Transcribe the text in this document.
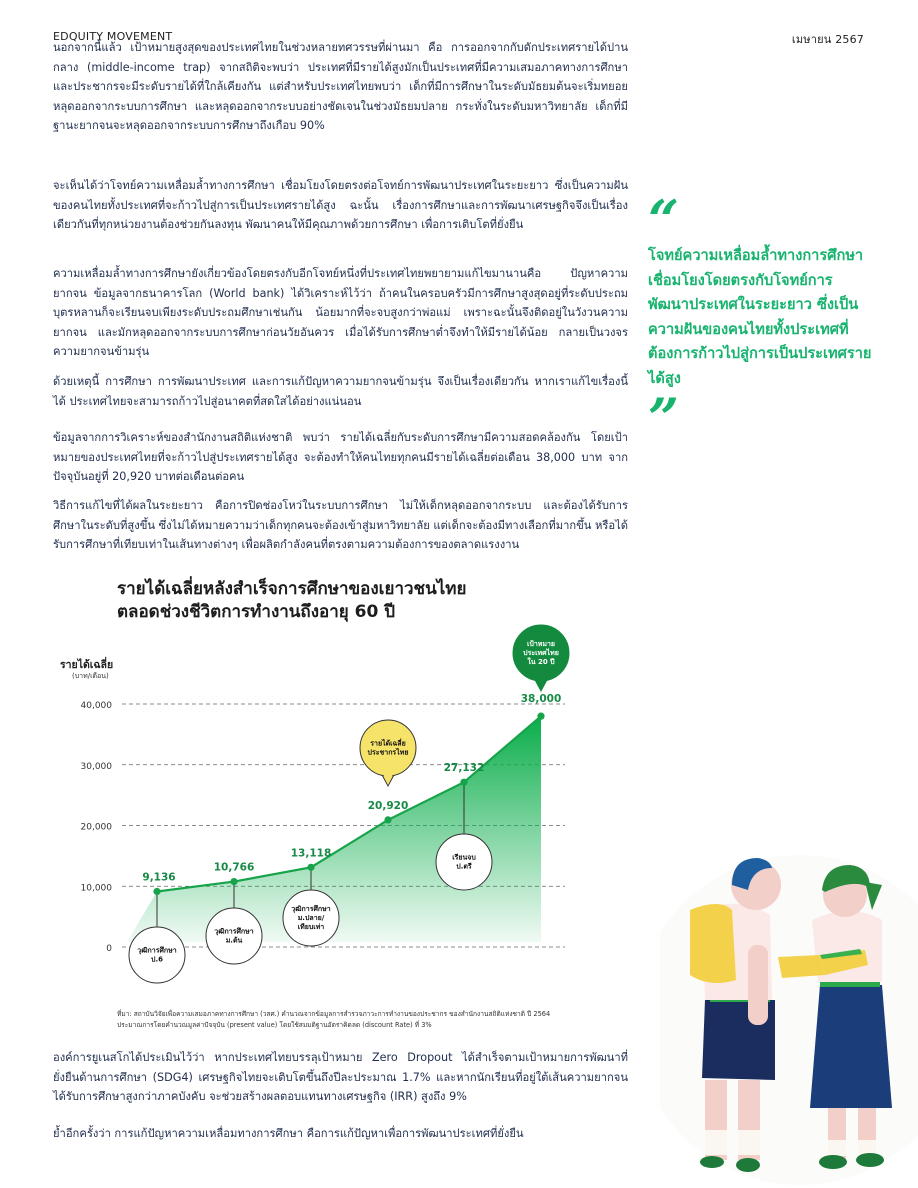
EDQUITY MOVEMENT	เมษายน 2567

นอกจากนี้แล้ว เป้าหมายสูงสุดของประเทศไทยในช่วงหลายทศวรรษที่ผ่านมา คือ การออกจากกับดักประเทศรายได้ปานกลาง (middle-income trap) จากสถิติจะพบว่า ประเทศที่มีรายได้สูงมักเป็นประเทศที่มีความเสมอภาคทางการศึกษา และประชากรจะมีระดับรายได้ที่ใกล้เคียงกัน แต่สำหรับประเทศไทยพบว่า เด็กที่มีการศึกษาในระดับมัธยมต้นจะเริ่มทยอยหลุดออกจากระบบการศึกษา และหลุดออกจากระบบอย่างชัดเจนในช่วงมัธยมปลาย กระทั่งในระดับมหาวิทยาลัย เด็กที่มีฐานะยากจนจะหลุดออกจากระบบการศึกษาถึงเกือบ 90%

จะเห็นได้ว่าโจทย์ความเหลื่อมล้ำทางการศึกษา เชื่อมโยงโดยตรงต่อโจทย์การพัฒนาประเทศในระยะยาว ซึ่งเป็นความฝันของคนไทยทั้งประเทศที่จะก้าวไปสู่การเป็นประเทศรายได้สูง ฉะนั้น เรื่องการศึกษาและการพัฒนาเศรษฐกิจจึงเป็นเรื่องเดียวกันที่ทุกหน่วยงานต้องช่วยกันลงทุน พัฒนาคนให้มีคุณภาพด้วยการศึกษา เพื่อการเติบโตที่ยั่งยืน

ความเหลื่อมล้ำทางการศึกษายังเกี่ยวข้องโดยตรงกับอีกโจทย์หนึ่งที่ประเทศไทยพยายามแก้ไขมานานคือ ปัญหาความยากจน ข้อมูลจากธนาคารโลก (World bank) ได้วิเคราะห์ไว้ว่า ถ้าคนในครอบครัวมีการศึกษาสูงสุดอยู่ที่ระดับประถม บุตรหลานก็จะเรียนจบเพียงระดับประถมศึกษาเช่นกัน น้อยมากที่จะจบสูงกว่าพ่อแม่ เพราะฉะนั้นจึงติดอยู่ในวังวนความยากจน และมักหลุดออกจากระบบการศึกษาก่อนวัยอันควร เมื่อได้รับการศึกษาต่ำจึงทำให้มีรายได้น้อย กลายเป็นวงจรความยากจนข้ามรุ่น

ด้วยเหตุนี้ การศึกษา การพัฒนาประเทศ และการแก้ปัญหาความยากจนข้ามรุ่น จึงเป็นเรื่องเดียวกัน หากเราแก้ไขเรื่องนี้ได้ ประเทศไทยจะสามารถก้าวไปสู่อนาคตที่สดใสได้อย่างแน่นอน

ข้อมูลจากการวิเคราะห์ของสำนักงานสถิติแห่งชาติ พบว่า รายได้เฉลี่ยกับระดับการศึกษามีความสอดคล้องกัน โดยเป้าหมายของประเทศไทยที่จะก้าวไปสู่ประเทศรายได้สูง จะต้องทำให้คนไทยทุกคนมีรายได้เฉลี่ยต่อเดือน 38,000 บาท จากปัจจุบันอยู่ที่ 20,920 บาทต่อเดือนต่อคน

วิธีการแก้ไขที่ได้ผลในระยะยาว คือการปิดช่องโหว่ในระบบการศึกษา ไม่ให้เด็กหลุดออกจากระบบ และต้องได้รับการศึกษาในระดับที่สูงขึ้น ซึ่งไม่ได้หมายความว่าเด็กทุกคนจะต้องเข้าสู่มหาวิทยาลัย แต่เด็กจะต้องมีทางเลือกที่มากขึ้น หรือได้รับการศึกษาที่เทียบเท่าในเส้นทางต่างๆ เพื่อผลิตกำลังคนที่ตรงตามความต้องการของตลาดแรงงาน

“
โจทย์ความเหลื่อมล้ำทางการศึกษา เชื่อมโยงโดยตรงกับโจทย์การพัฒนาประเทศในระยะยาว ซึ่งเป็นความฝันของคนไทยทั้งประเทศที่ต้องการก้าวไปสู่การเป็นประเทศรายได้สูง
”
รายได้เฉลี่ยหลังสำเร็จการศึกษาของเยาวชนไทย
ตลอดช่วงชีวิตการทำงานถึงอายุ 60 ปี
รายได้เฉลี่ย
(บาท/เดือน)
0
10,000
20,000
30,000
40,000
วุฒิการศึกษา
ป.6
9,136
วุฒิการศึกษา
ม.ต้น
10,766
วุฒิการศึกษา
ม.ปลาย/
เทียบเท่า
13,118
รายได้เฉลี่ย
ประชากรไทย
20,920
เรียนจบ
ป.ตรี
27,132
เป้าหมาย
ประเทศไทย
ใน 20 ปี
38,000
ที่มา: สถาบันวิจัยเพื่อความเสมอภาคทางการศึกษา (วสศ.) คำนวณจากข้อมูลการสำรวจภาวะการทำงานของประชากร ของสำนักงานสถิติแห่งชาติ ปี 2564
ประมาณการโดยคำนวณมูลค่าปัจจุบัน (present value) โดยใช้สมมติฐานอัตราคิดลด (discount Rate) ที่ 3%

องค์การยูเนสโกได้ประเมินไว้ว่า หากประเทศไทยบรรลุเป้าหมาย Zero Dropout ได้สำเร็จตามเป้าหมายการพัฒนาที่ยั่งยืนด้านการศึกษา (SDG4) เศรษฐกิจไทยจะเติบโตขึ้นถึงปีละประมาณ 1.7% และหากนักเรียนที่อยู่ใต้เส้นความยากจนได้รับการศึกษาสูงกว่าภาคบังคับ จะช่วยสร้างผลตอบแทนทางเศรษฐกิจ (IRR) สูงถึง 9%

ย้ำอีกครั้งว่า การแก้ปัญหาความเหลื่อมทางการศึกษา คือการแก้ปัญหาเพื่อการพัฒนาประเทศที่ยั่งยืน
